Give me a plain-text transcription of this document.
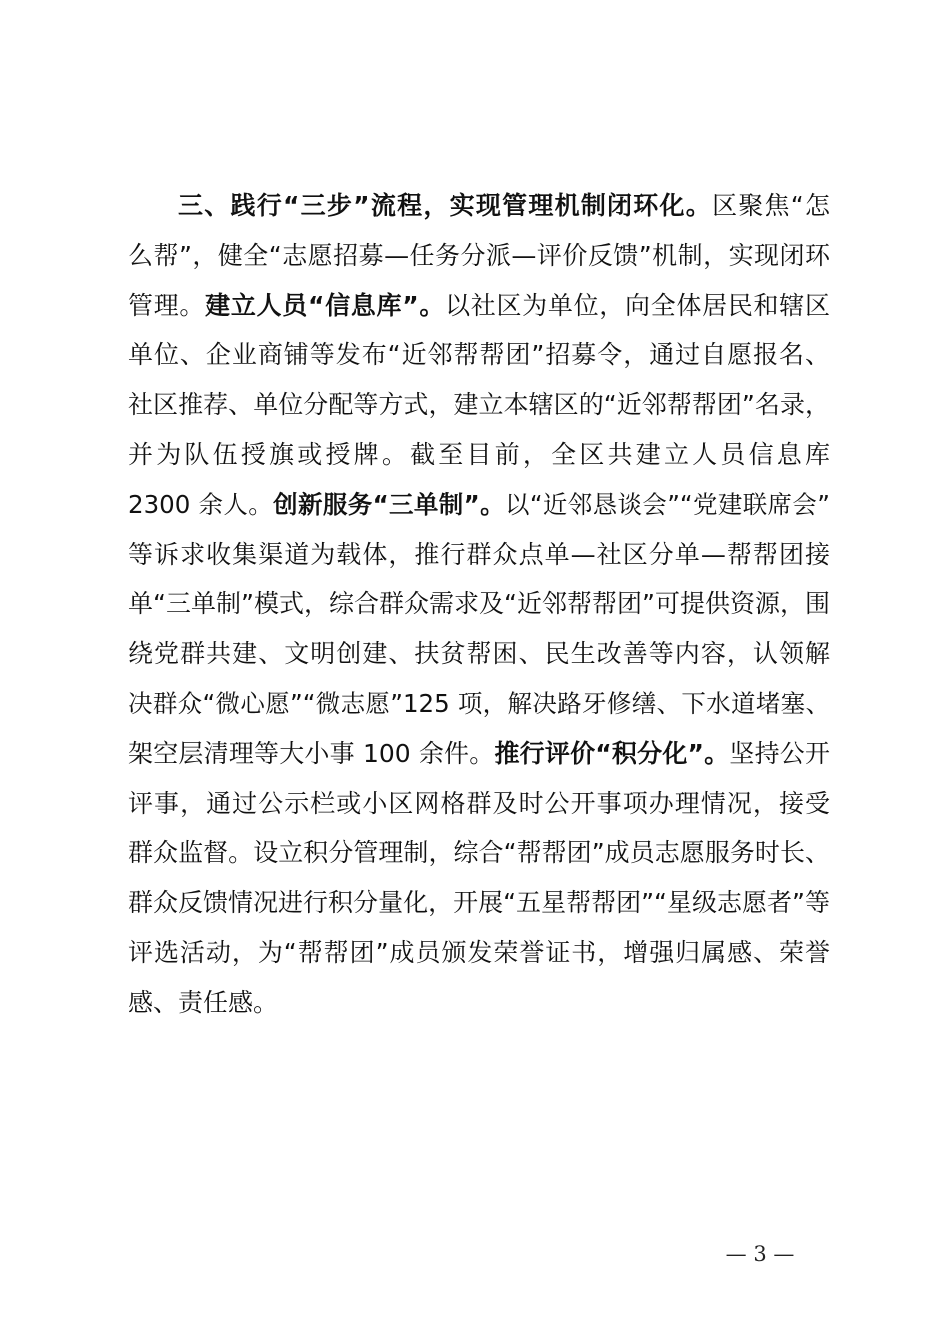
三、践行“三步”流程，实现管理机制闭环化。区聚焦“怎
么帮”，健全“志愿招募—任务分派—评价反馈”机制，实现闭环
管理。建立人员“信息库”。以社区为单位，向全体居民和辖区
单位、企业商铺等发布“近邻帮帮团”招募令，通过自愿报名、
社区推荐、单位分配等方式，建立本辖区的“近邻帮帮团”名录，
并为队伍授旗或授牌。截至目前，全区共建立人员信息库
2300 余人。创新服务“三单制”。以“近邻恳谈会”“党建联席会”
等诉求收集渠道为载体，推行群众点单—社区分单—帮帮团接
单“三单制”模式，综合群众需求及“近邻帮帮团”可提供资源，围
绕党群共建、文明创建、扶贫帮困、民生改善等内容，认领解
决群众“微心愿”“微志愿”125 项，解决路牙修缮、下水道堵塞、
架空层清理等大小事 100 余件。推行评价“积分化”。坚持公开
评事，通过公示栏或小区网格群及时公开事项办理情况，接受
群众监督。设立积分管理制，综合“帮帮团”成员志愿服务时长、
群众反馈情况进行积分量化，开展“五星帮帮团”“星级志愿者”等
评选活动，为“帮帮团”成员颁发荣誉证书，增强归属感、荣誉
感、责任感。
— 3 —
